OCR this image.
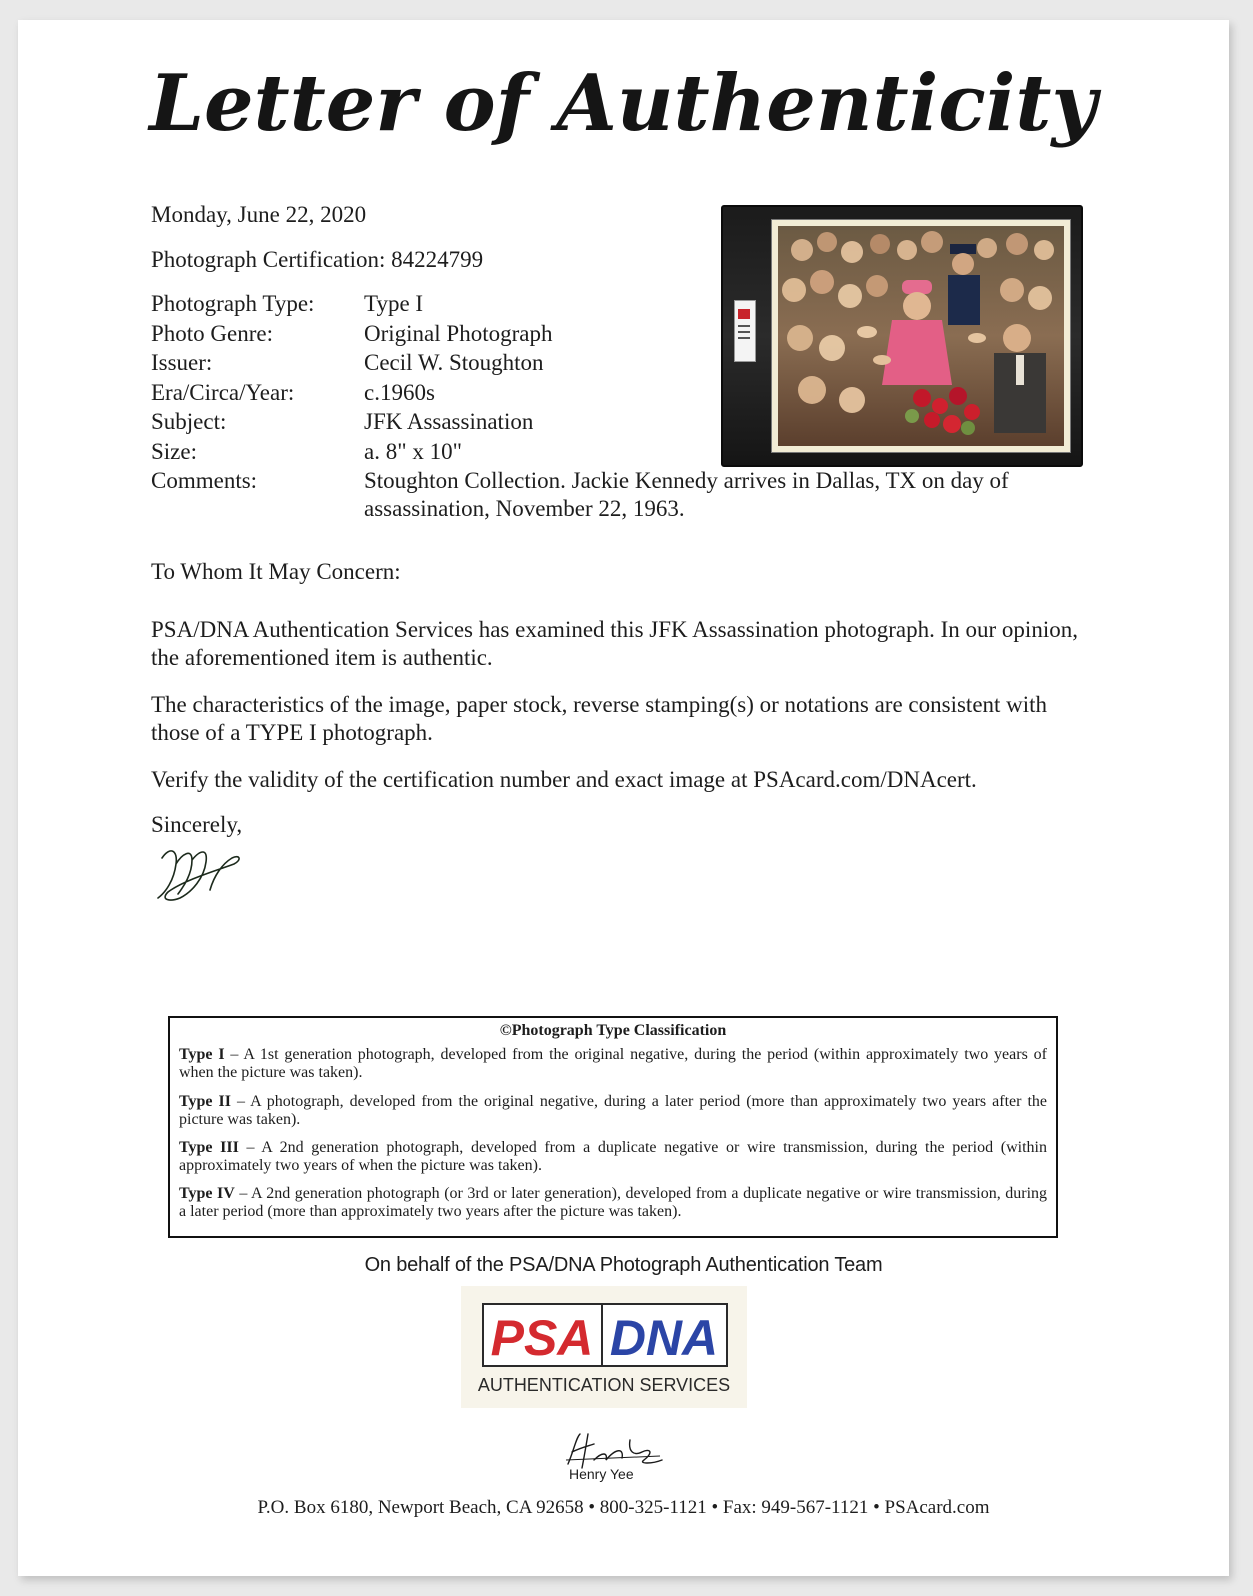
Letter of Authenticity
Monday, June 22, 2020
Photograph Certification: 84224799
Photograph Type:	Type I
Photo Genre:	Original Photograph
Issuer:	Cecil W. Stoughton
Era/Circa/Year:	c.1960s
Subject:	JFK Assassination
Size:	a. 8" x 10"
Comments:	Stoughton Collection. Jackie Kennedy arrives in Dallas, TX on day of assassination, November 22, 1963.
To Whom It May Concern:
PSA/DNA Authentication Services has examined this JFK Assassination photograph. In our opinion, the aforementioned item is authentic.
The characteristics of the image, paper stock, reverse stamping(s) or notations are consistent with those of a TYPE I photograph.
Verify the validity of the certification number and exact image at PSAcard.com/DNAcert.
Sincerely,
©Photograph Type Classification
Type I – A 1st generation photograph, developed from the original negative, during the period (within approximately two years of when the picture was taken).
Type II – A photograph, developed from the original negative, during a later period (more than approximately two years after the picture was taken).
Type III – A 2nd generation photograph, developed from a duplicate negative or wire transmission, during the period (within approximately two years of when the picture was taken).
Type IV – A 2nd generation photograph (or 3rd or later generation), developed from a duplicate negative or wire transmission, during a later period (more than approximately two years after the picture was taken).
On behalf of the PSA/DNA Photograph Authentication Team
PSA DNA
AUTHENTICATION SERVICES
Henry Yee
P.O. Box 6180, Newport Beach, CA 92658 • 800-325-1121 • Fax: 949-567-1121 • PSAcard.com
